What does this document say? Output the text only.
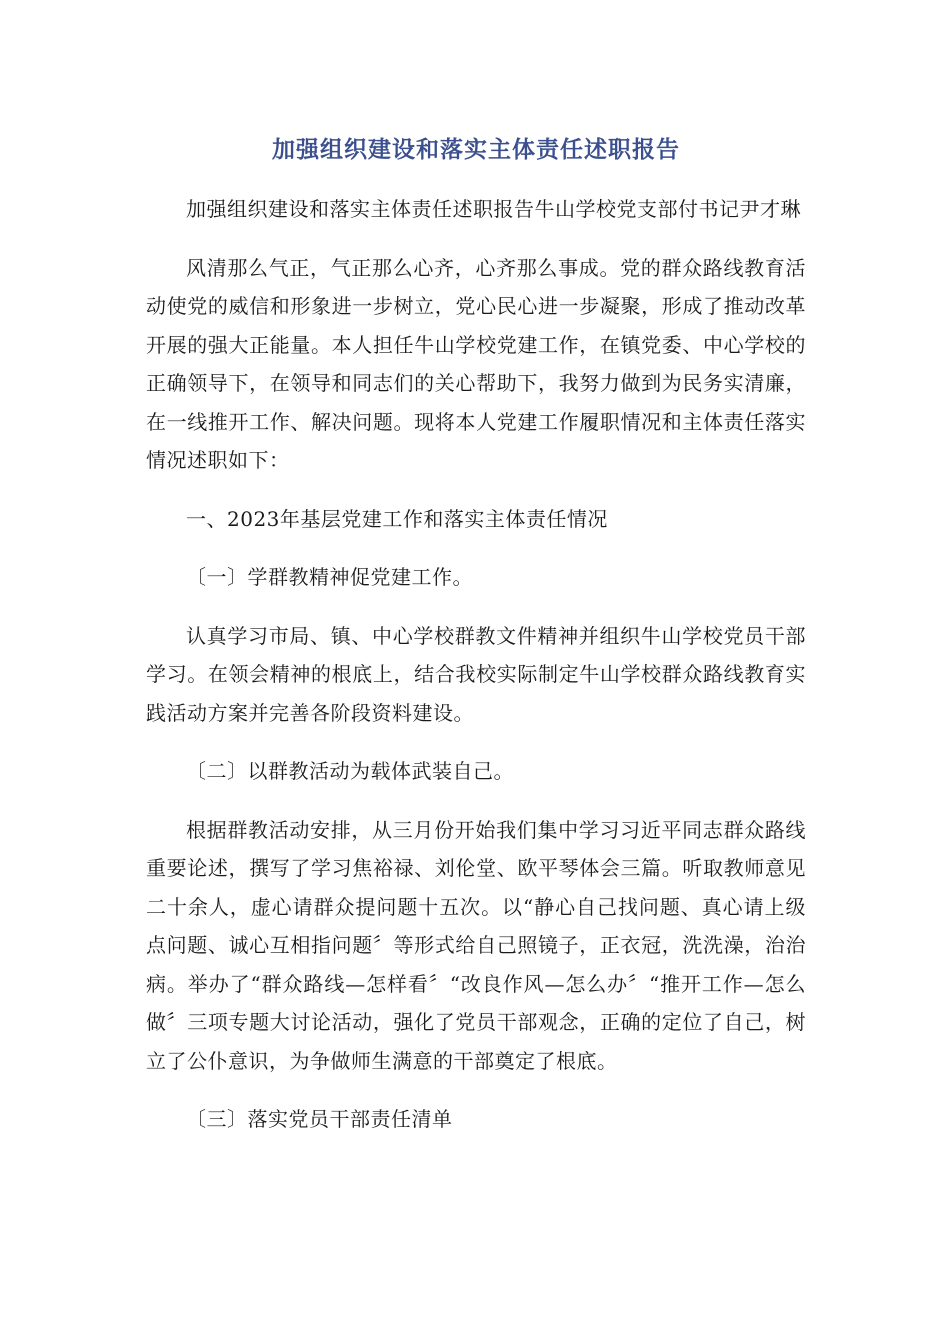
加强组织建设和落实主体责任述职报告

加强组织建设和落实主体责任述职报告牛山学校党支部付书记尹才琳

风清那么气正，气正那么心齐，心齐那么事成。党的群众路线教育活动使党的威信和形象进一步树立，党心民心进一步凝聚，形成了推动改革开展的强大正能量。本人担任牛山学校党建工作，在镇党委、中心学校的正确领导下，在领导和同志们的关心帮助下，我努力做到为民务实清廉，在一线推开工作、解决问题。现将本人党建工作履职情况和主体责任落实情况述职如下：

一、2023年基层党建工作和落实主体责任情况

〔一〕学群教精神促党建工作。

认真学习市局、镇、中心学校群教文件精神并组织牛山学校党员干部学习。在领会精神的根底上，结合我校实际制定牛山学校群众路线教育实践活动方案并完善各阶段资料建设。

〔二〕以群教活动为载体武装自己。

根据群教活动安排，从三月份开始我们集中学习习近平同志群众路线重要论述，撰写了学习焦裕禄、刘伦堂、欧平琴体会三篇。听取教师意见二十余人，虚心请群众提问题十五次。以“静心自己找问题、真心请上级点问题、诚心互相指问题〞等形式给自己照镜子，正衣冠，洗洗澡，治治病。举办了“群众路线—怎样看〞“改良作风—怎么办〞“推开工作—怎么做〞三项专题大讨论活动，强化了党员干部观念，正确的定位了自己，树立了公仆意识，为争做师生满意的干部奠定了根底。

〔三〕落实党员干部责任清单
